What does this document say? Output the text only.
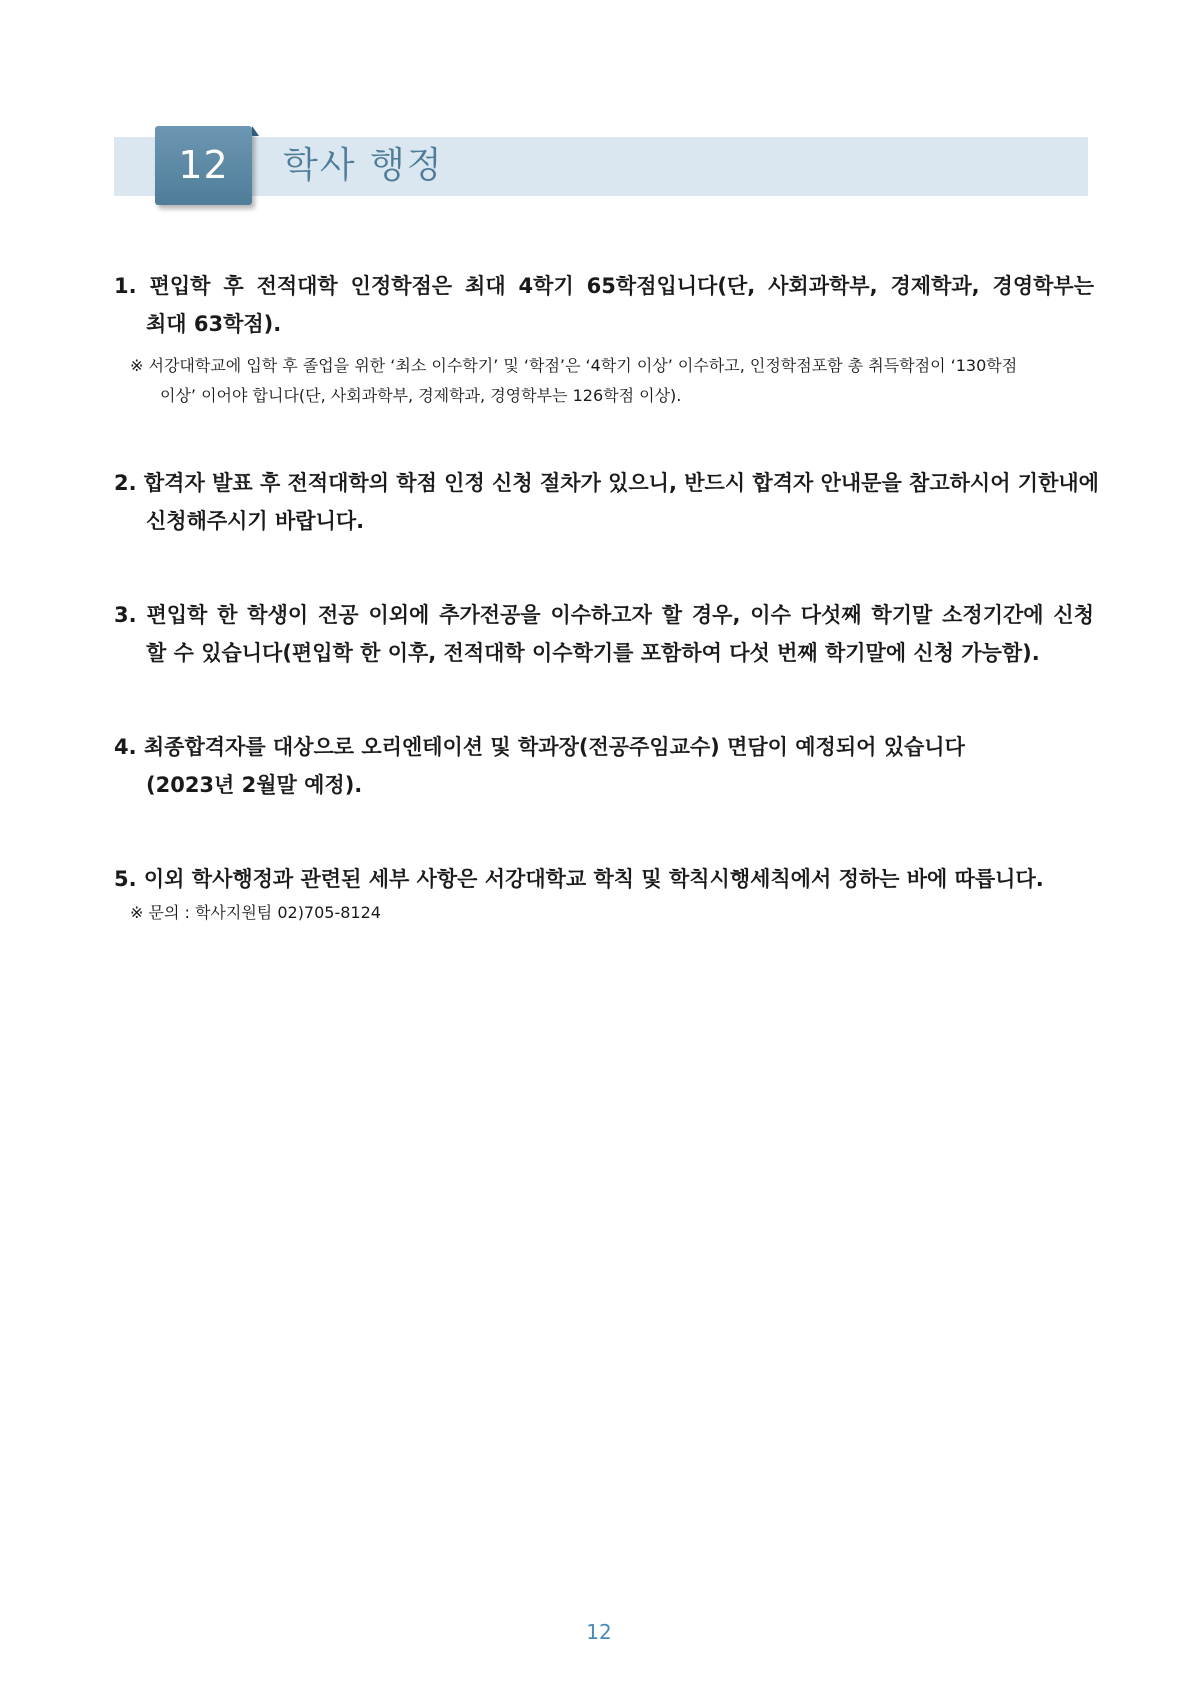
12	학사 행정
1. 편입학 후 전적대학 인정학점은 최대 4학기 65학점입니다(단, 사회과학부, 경제학과, 경영학부는
최대 63학점).
※ 서강대학교에 입학 후 졸업을 위한 ‘최소 이수학기’ 및 ‘학점’은 ‘4학기 이상’ 이수하고, 인정학점포함 총 취득학점이 ‘130학점
이상’ 이어야 합니다(단, 사회과학부, 경제학과, 경영학부는 126학점 이상).
2. 합격자 발표 후 전적대학의 학점 인정 신청 절차가 있으니, 반드시 합격자 안내문을 참고하시어 기한내에
신청해주시기 바랍니다.
3. 편입학 한 학생이 전공 이외에 추가전공을 이수하고자 할 경우, 이수 다섯째 학기말 소정기간에 신청
할 수 있습니다(편입학 한 이후, 전적대학 이수학기를 포함하여 다섯 번째 학기말에 신청 가능함).
4. 최종합격자를 대상으로 오리엔테이션 및 학과장(전공주임교수) 면담이 예정되어 있습니다
(2023년 2월말 예정).
5. 이외 학사행정과 관련된 세부 사항은 서강대학교 학칙 및 학칙시행세칙에서 정하는 바에 따릅니다.
※ 문의 : 학사지원팀 02)705-8124
12
